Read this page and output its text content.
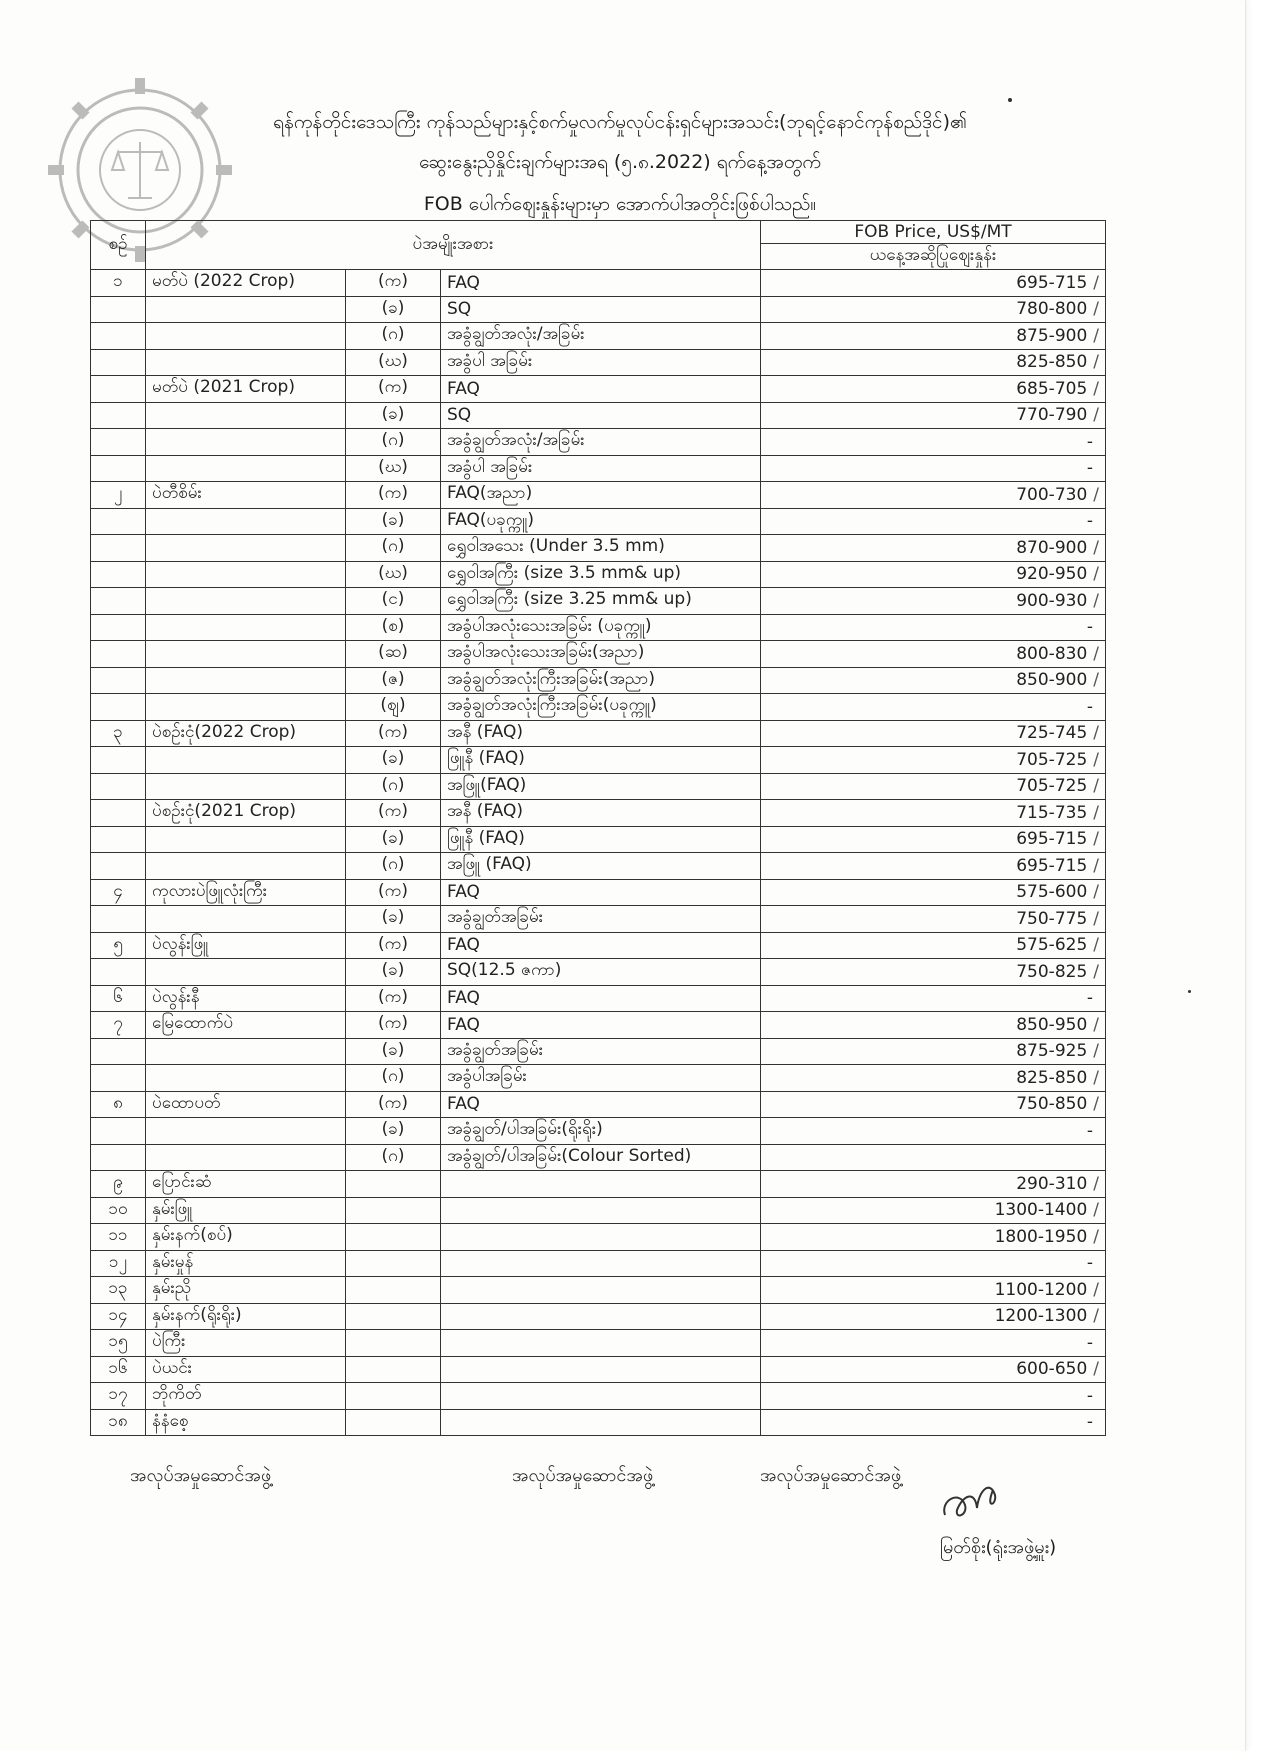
ရန်ကုန်တိုင်းဒေသကြီး ကုန်သည်များနှင့်စက်မှုလက်မှုလုပ်ငန်းရှင်များအသင်း(ဘုရင့်နောင်ကုန်စည်ဒိုင်)၏
ဆွေးနွေးညှိနှိုင်းချက်များအရ (၅.၈.2022) ရက်နေ့အတွက်
FOB ပေါက်ဈေးနှုန်းများမှာ အောက်ပါအတိုင်းဖြစ်ပါသည်။
စဉ်	ပဲအမျိုးအစား			FOB Price, US$/MT
				ယနေ့အဆိုပြုဈေးနှုန်း
၁	မတ်ပဲ (2022 Crop)	(က)	FAQ	695-715 /
		(ခ)	SQ	780-800 /
		(ဂ)	အခွံချွတ်အလုံး/အခြမ်း	875-900 /
		(ဃ)	အခွံပါ အခြမ်း	825-850 /
	မတ်ပဲ (2021 Crop)	(က)	FAQ	685-705 /
		(ခ)	SQ	770-790 /
		(ဂ)	အခွံချွတ်အလုံး/အခြမ်း	-
		(ဃ)	အခွံပါ အခြမ်း	-
၂	ပဲတီစိမ်း	(က)	FAQ(အညာ)	700-730 /
		(ခ)	FAQ(ပခုက္ကူ)	-
		(ဂ)	ရွှေဝါအသေး (Under 3.5 mm)	870-900 /
		(ဃ)	ရွှေဝါအကြီး (size 3.5 mm& up)	920-950 /
		(င)	ရွှေဝါအကြီး (size 3.25 mm& up)	900-930 /
		(စ)	အခွံပါအလုံးသေးအခြမ်း (ပခုက္ကူ)	-
		(ဆ)	အခွံပါအလုံးသေးအခြမ်း(အညာ)	800-830 /
		(ဇ)	အခွံချွတ်အလုံးကြီးအခြမ်း(အညာ)	850-900 /
		(ဈ)	အခွံချွတ်အလုံးကြီးအခြမ်း(ပခုက္ကူ)	-
၃	ပဲစဉ်းငုံ(2022 Crop)	(က)	အနီ (FAQ)	725-745 /
		(ခ)	ဖြူနီ (FAQ)	705-725 /
		(ဂ)	အဖြူ(FAQ)	705-725 /
	ပဲစဉ်းငုံ(2021 Crop)	(က)	အနီ (FAQ)	715-735 /
		(ခ)	ဖြူနီ (FAQ)	695-715 /
		(ဂ)	အဖြူ (FAQ)	695-715 /
၄	ကုလားပဲဖြူလုံးကြီး	(က)	FAQ	575-600 /
		(ခ)	အခွံချွတ်အခြမ်း	750-775 /
၅	ပဲလွန်းဖြူ	(က)	FAQ	575-625 /
		(ခ)	SQ(12.5 ဇကာ)	750-825 /
၆	ပဲလွန်းနီ	(က)	FAQ	-
၇	မြေထောက်ပဲ	(က)	FAQ	850-950 /
		(ခ)	အခွံချွတ်အခြမ်း	875-925 /
		(ဂ)	အခွံပါအခြမ်း	825-850 /
၈	ပဲထောပတ်	(က)	FAQ	750-850 /
		(ခ)	အခွံချွတ်/ပါအခြမ်း(ရိုးရိုး)	-
		(ဂ)	အခွံချွတ်/ပါအခြမ်း(Colour Sorted)	
၉	ပြောင်းဆံ			290-310 /
၁၀	နှမ်းဖြူ			1300-1400 /
၁၁	နှမ်းနက်(စပ်)			1800-1950 /
၁၂	နှမ်းမှုန်			-
၁၃	နှမ်းညို			1100-1200 /
၁၄	နှမ်းနက်(ရိုးရိုး)			1200-1300 /
၁၅	ပဲကြီး			-
၁၆	ပဲယင်း			600-650 /
၁၇	ဘိုကိတ်			-
၁၈	နံနံစေ့			-
အလုပ်အမှုဆောင်အဖွဲ့	အလုပ်အမှုဆောင်အဖွဲ့	အလုပ်အမှုဆောင်အဖွဲ့
မြတ်စိုး(ရုံးအဖွဲ့မှူး)
